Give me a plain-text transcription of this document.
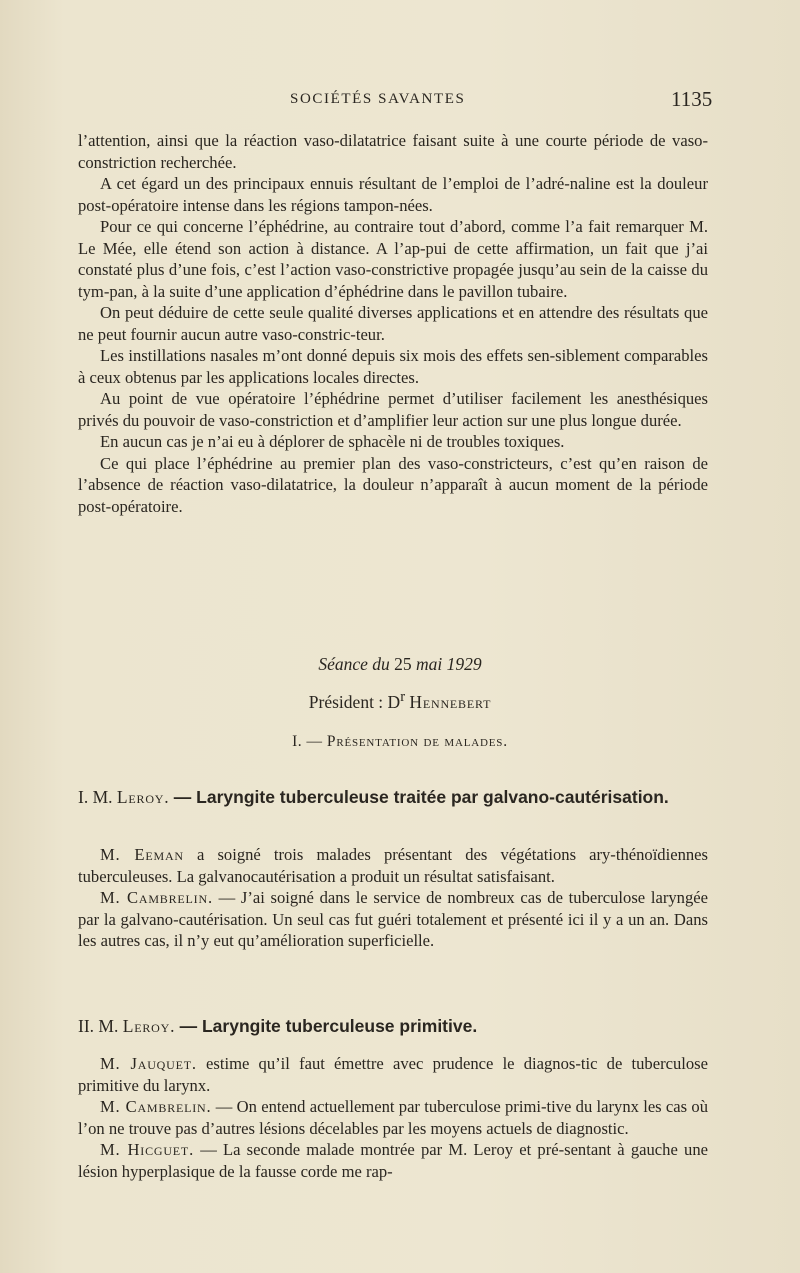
SOCIÉTÉS SAVANTES	1135

l’attention, ainsi que la réaction vaso-dilatatrice faisant suite à une courte période de vaso-constriction recherchée.

A cet égard un des principaux ennuis résultant de l’emploi de l’adré-naline est la douleur post-opératoire intense dans les régions tampon-nées.

Pour ce qui concerne l’éphédrine, au contraire tout d’abord, comme l’a fait remarquer M. Le Mée, elle étend son action à distance. A l’ap-pui de cette affirmation, un fait que j’ai constaté plus d’une fois, c’est l’action vaso-constrictive propagée jusqu’au sein de la caisse du tym-pan, à la suite d’une application d’éphédrine dans le pavillon tubaire.

On peut déduire de cette seule qualité diverses applications et en attendre des résultats que ne peut fournir aucun autre vaso-constric-teur.

Les instillations nasales m’ont donné depuis six mois des effets sen-siblement comparables à ceux obtenus par les applications locales directes.

Au point de vue opératoire l’éphédrine permet d’utiliser facilement les anesthésiques privés du pouvoir de vaso-constriction et d’amplifier leur action sur une plus longue durée.

En aucun cas je n’ai eu à déplorer de sphacèle ni de troubles toxiques.

Ce qui place l’éphédrine au premier plan des vaso-constricteurs, c’est qu’en raison de l’absence de réaction vaso-dilatatrice, la douleur n’apparaît à aucun moment de la période post-opératoire.

Séance du 25 mai 1929
Président : $D^r$ Hennebert
I. — Présentation de malades.
I. M. Leroy. — Laryngite tuberculeuse traitée par galvano-cautérisation.

M. Eeman a soigné trois malades présentant des végétations ary-thénoïdiennes tuberculeuses. La galvanocautérisation a produit un résultat satisfaisant.

M. Cambrelin. — J’ai soigné dans le service de nombreux cas de tuberculose laryngée par la galvano-cautérisation. Un seul cas fut guéri totalement et présenté ici il y a un an. Dans les autres cas, il n’y eut qu’amélioration superficielle.

II. M. Leroy. — Laryngite tuberculeuse primitive.

M. Jauquet. estime qu’il faut émettre avec prudence le diagnos-tic de tuberculose primitive du larynx.

M. Cambrelin. — On entend actuellement par tuberculose primi-tive du larynx les cas où l’on ne trouve pas d’autres lésions décelables par les moyens actuels de diagnostic.

M. Hicguet. — La seconde malade montrée par M. Leroy et pré-sentant à gauche une lésion hyperplasique de la fausse corde me rap-
